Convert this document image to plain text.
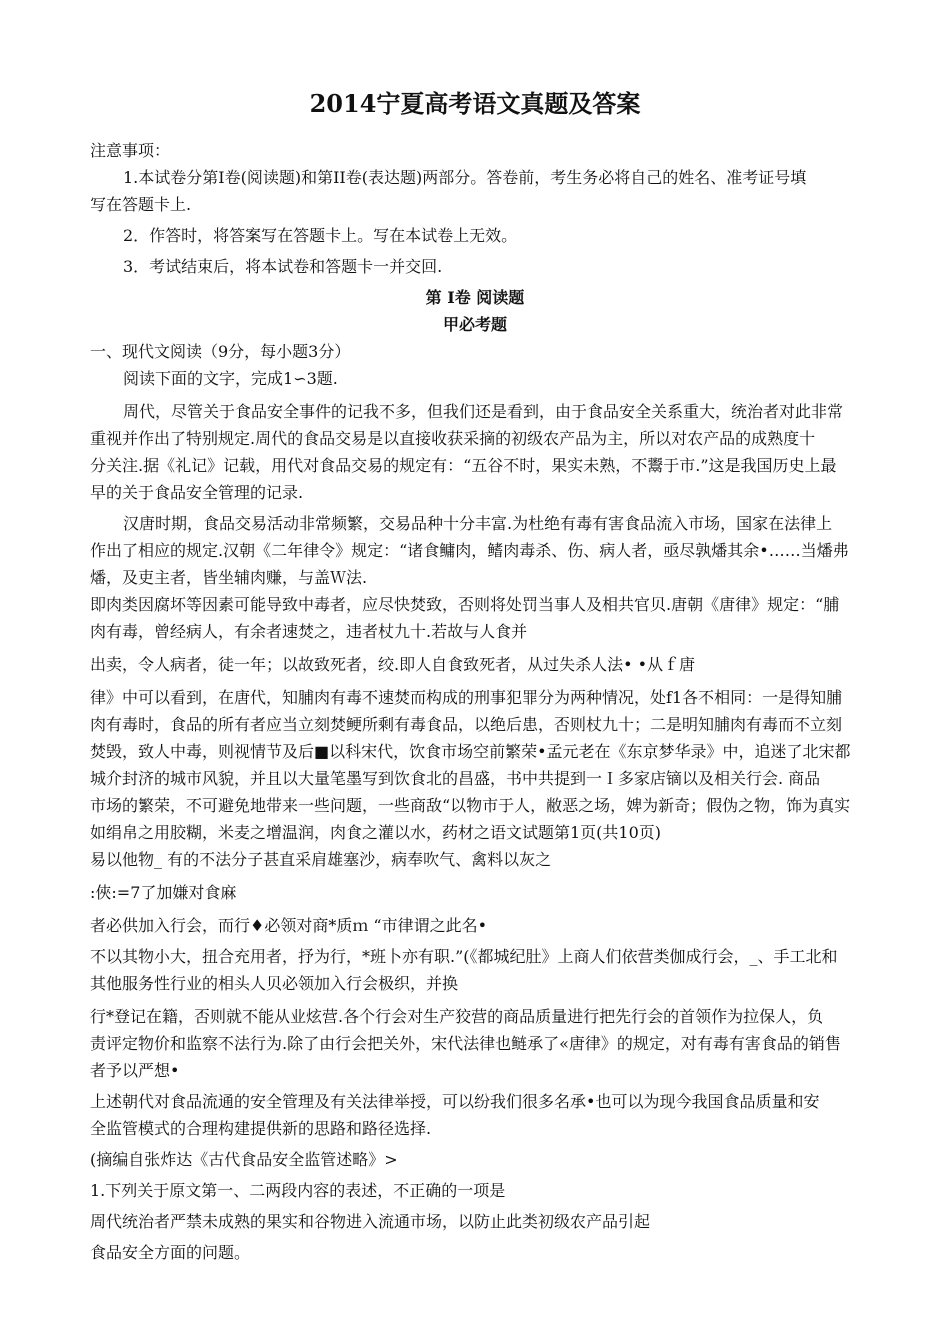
2014宁夏高考语文真题及答案

注意事项：

1.本试卷分第Ⅰ卷(阅读题)和第II卷(表达题)两部分。答卷前，考生务必将自己的姓名、准考证号填

写在答题卡上.

2．作答时，将答案写在答题卡上。写在本试卷上无效。

3．考试结束后，将本试卷和答题卡一并交回.

第 Ⅰ卷 阅读题

甲必考题

一、现代文阅读（9分，每小题3分）

阅读下面的文字，完成1∽3题.

周代，尽管关于食品安全事件的记我不多，但我们还是看到，由于食品安全关系重大，统治者对此非常

重视并作出了特别规定.周代的食品交易是以直接收获采摘的初级农产品为主，所以对农产品的成熟度十

分关注.据《礼记》记载，用代对食品交易的规定有：“五谷不时，果实未熟，不鬻于市.”这是我国历史上最

早的关于食品安全管理的记录.

汉唐时期，食品交易活动非常频繁，交易品种十分丰富.为杜绝有毒有害食品流入市场，国家在法律上

作出了相应的规定.汉朝《二年律令》规定：“诸食鳙肉，鳍肉毒杀、伤、病人者，亟尽孰燔其余•……当燔弗

燔，及吏主者，皆坐辅肉赚，与盖Ｗ法.

即肉类因腐坏等因素可能导致中毒者，应尽快焚致，否则将处罚当事人及相共官贝.唐朝《唐律》规定：“脯

肉有毒，曾经病人，有余者速焚之，违者杖九十.若故与人食并

出卖，令人病者，徒一年；以故致死者，绞.即人自食致死者，从过失杀人法• •从ｆ唐

律》中可以看到，在唐代，知脯肉有毒不速焚而构成的刑事犯罪分为两种情况，处f1各不相同：一是得知脯

肉有毒时，食品的所有者应当立刻焚鲠所剩有毒食品，以绝后患，否则杖九十；二是明知脯肉有毒而不立刻

焚毁，致人中毒，则视情节及后■以科宋代，饮食市场空前繁荣•孟元老在《东京梦华录》中，追迷了北宋都

城介封济的城市风貌，并且以大量笔墨写到饮食北的昌盛，书中共提到一Ｉ多家店镝以及相关行会. 商品

市场的繁荣，不可避免地带来一些问题，一些商敌“以物市于人，敝恶之场，婢为新奇；假伪之物，饰为真实

如绢帛之用胶糊，米麦之增温润，肉食之灌以水，药材之语文试题第1页(共10页)

易以他物_ 有的不法分子甚直采肩雄塞沙，病奉吹气、禽料以灰之

:俠:=7了加嫌对食麻

者必供加入行会，而行♦必领对商*质ｍ “市律谓之此名•

不以其物小大，扭合充用者，抒为行，*班卜亦有职.”(《都城纪肚》上商人们依营类伽成行会，_、手工北和

其他服务性行业的相头人贝必领加入行会极织，并换

行*登记在籍，否则就不能从业炫营.各个行会对生产狡营的商品质量进行把先行会的首领作为拉保人，负

责评定物价和监察不法行为.除了由行会把关外，宋代法律也鲢承了«唐律》的规定，对有毒有害食品的销售

者予以严想•

上述朝代对食品流通的安全管理及有关法律举授，可以纷我们很多名承•也可以为现今我国食品质量和安

全监管模式的合理构建提供新的思路和路径选择.

(摘编自张炸达《古代食品安全监管述略》>

1.下列关于原文第一、二两段内容的表述，不正确的一项是

周代统治者严禁未成熟的果实和谷物进入流通市场，以防止此类初级农产品引起

食品安全方面的问题。
